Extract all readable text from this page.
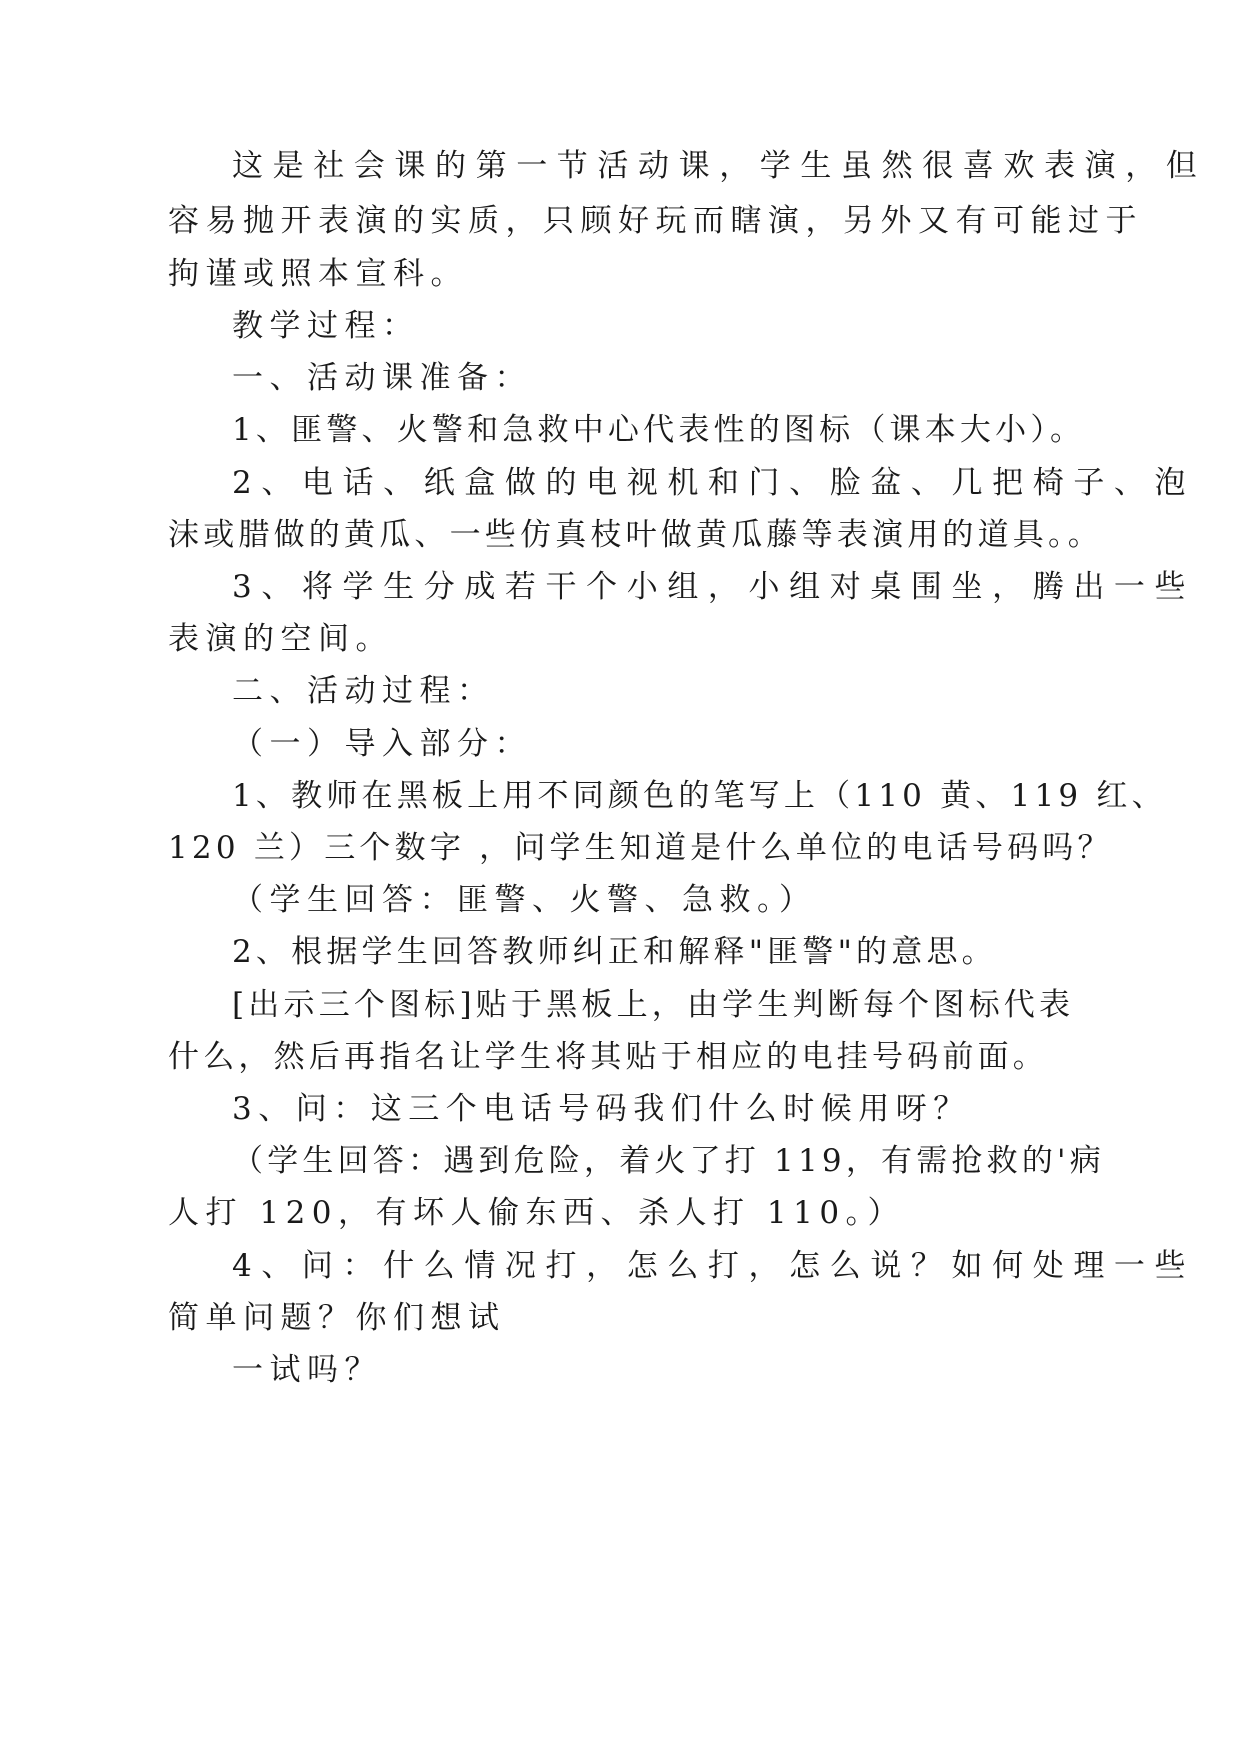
这是社会课的第一节活动课，学生虽然很喜欢表演，但
容易抛开表演的实质，只顾好玩而瞎演，另外又有可能过于
拘谨或照本宣科。
教学过程：
一、活动课准备：
1、匪警、火警和急救中心代表性的图标（课本大小）。
2、电话、纸盒做的电视机和门、脸盆、几把椅子、泡
沫或腊做的黄瓜、一些仿真枝叶做黄瓜藤等表演用的道具。。
3、将学生分成若干个小组，小组对桌围坐，腾出一些
表演的空间。
二、活动过程：
（一）导入部分：
1、教师在黑板上用不同颜色的笔写上（110 黄、119 红、
120 兰）三个数字 ，问学生知道是什么单位的电话号码吗？
（学生回答：匪警、火警、急救。）
2、根据学生回答教师纠正和解释"匪警"的意思。
[出示三个图标]贴于黑板上，由学生判断每个图标代表
什么，然后再指名让学生将其贴于相应的电挂号码前面。
3、问：这三个电话号码我们什么时候用呀？
（学生回答：遇到危险，着火了打 119，有需抢救的'病
人打 120，有坏人偷东西、杀人打 110。）
4、问：什么情况打，怎么打，怎么说？如何处理一些
简单问题？你们想试
一试吗？
